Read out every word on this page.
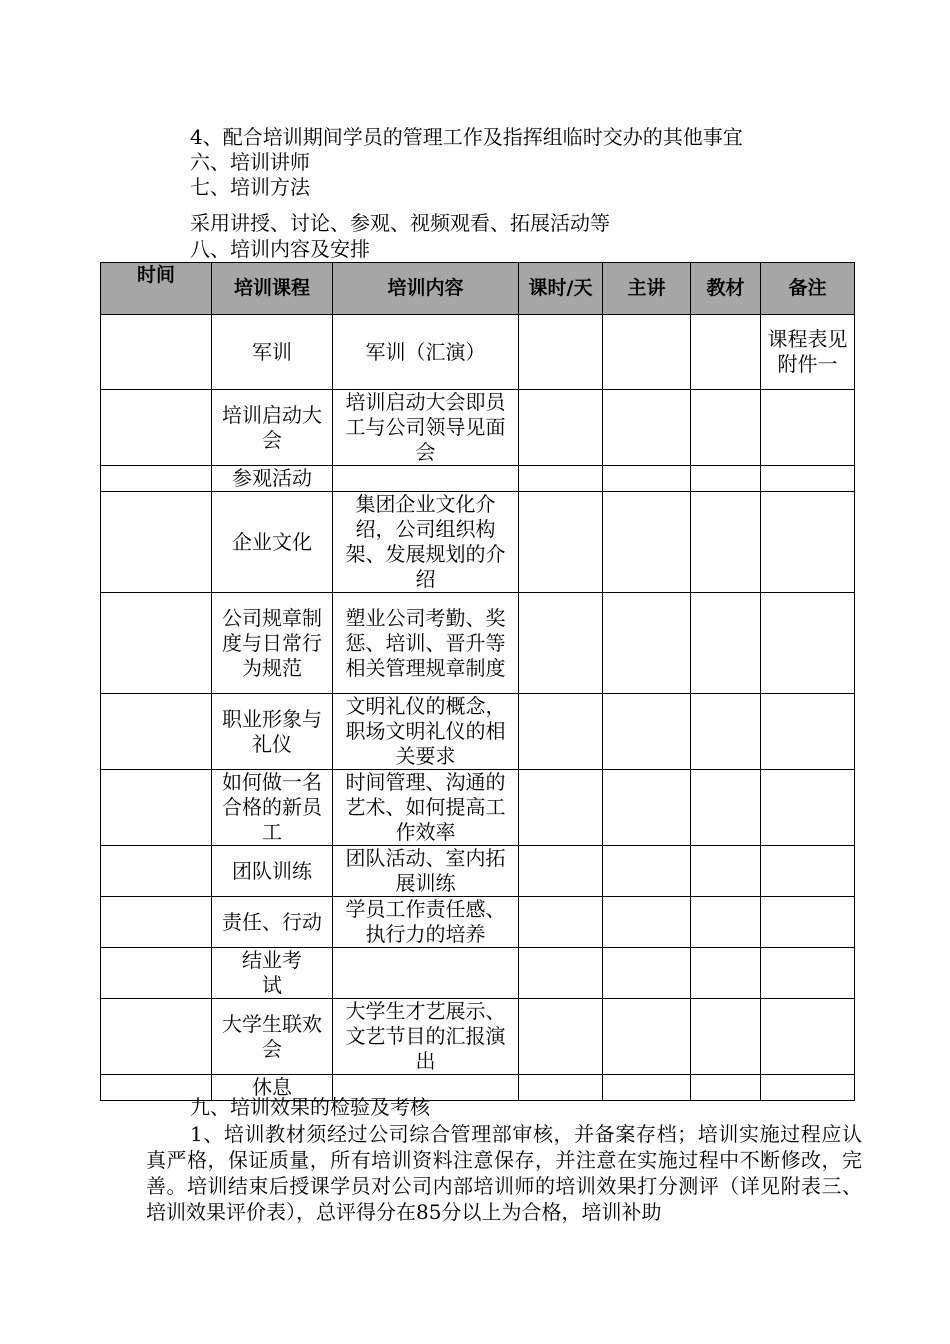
4、配合培训期间学员的管理工作及指挥组临时交办的其他事宜
六、培训讲师
七、培训方法
采用讲授、讨论、参观、视频观看、拓展活动等
八、培训内容及安排
时间	培训课程	培训内容	课时/天	主讲	教材	备注
	军训	军训（汇演）				课程表见附件一
	培训启动大会	培训启动大会即员工与公司领导见面会				
	参观活动					
	企业文化	集团企业文化介绍，公司组织构架、发展规划的介绍				
	公司规章制度与日常行为规范	塑业公司考勤、奖惩、培训、晋升等相关管理规章制度				
	职业形象与礼仪	文明礼仪的概念，职场文明礼仪的相关要求				
	如何做一名合格的新员工	时间管理、沟通的艺术、如何提高工作效率				
	团队训练	团队活动、室内拓展训练				
	责任、行动	学员工作责任感、执行力的培养				
	结业考试					
	大学生联欢会	大学生才艺展示、文艺节目的汇报演出				
	休息					
九、培训效果的检验及考核
1、培训教材须经过公司综合管理部审核，并备案存档；培训实施过程应认真严格，保证质量，所有培训资料注意保存，并注意在实施过程中不断修改，完善。培训结束后授课学员对公司内部培训师的培训效果打分测评（详见附表三、培训效果评价表），总评得分在85分以上为合格，培训补助
